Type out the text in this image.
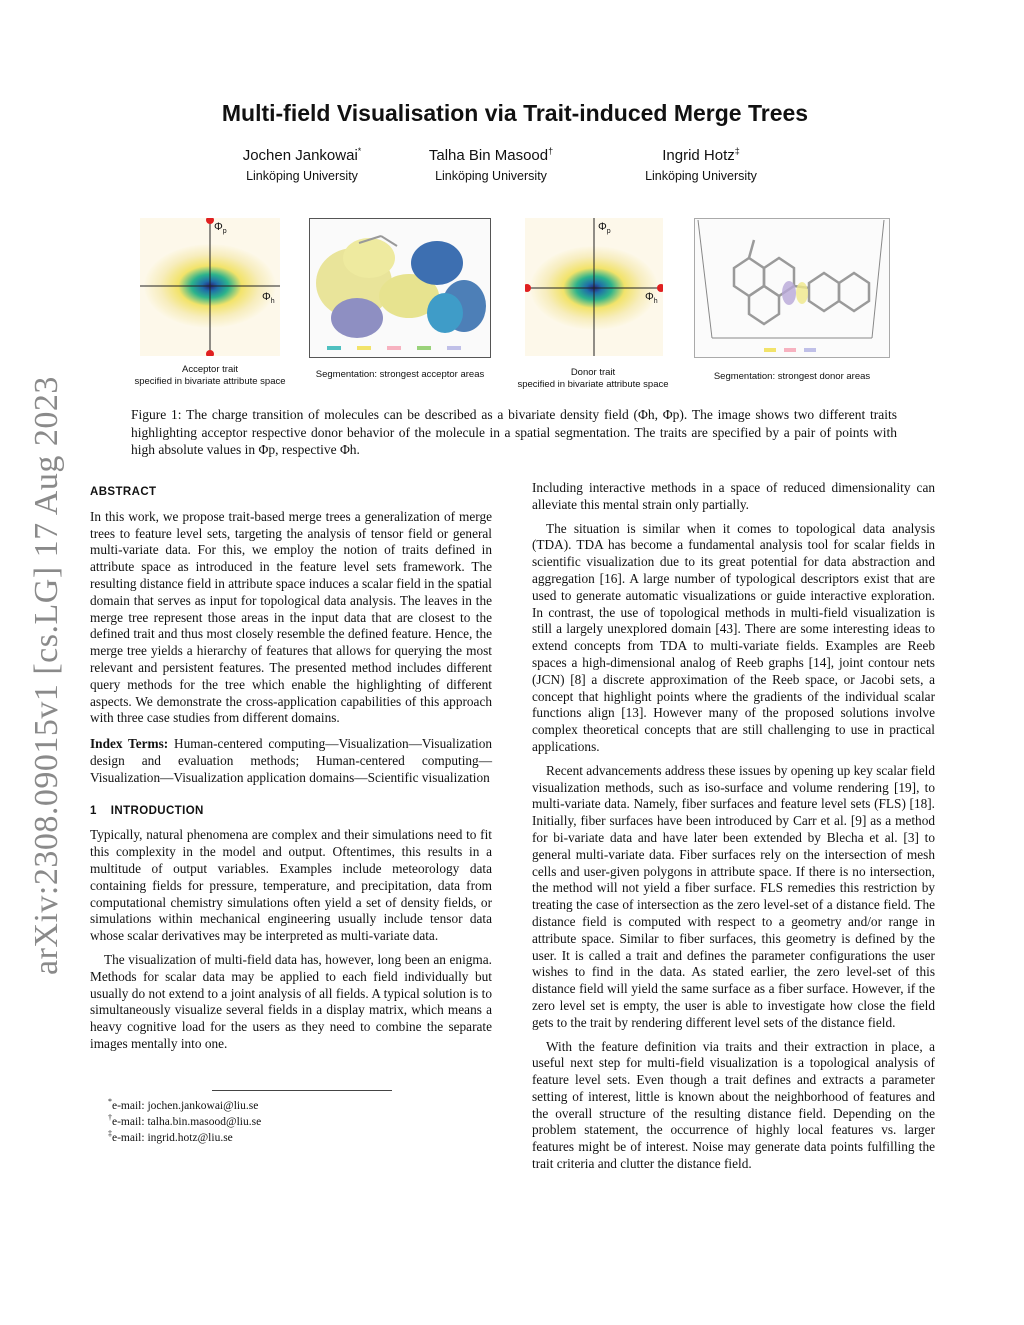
arXiv:2308.09015v1 [cs.LG] 17 Aug 2023
Multi-field Visualisation via Trait-induced Merge Trees
Jochen Jankowai*
Linköping University
Talha Bin Masood†
Linköping University
Ingrid Hotz‡
Linköping University
$\Phi_p$
$\Phi_h$
Acceptor trait
specified in bivariate attribute space
Segmentation: strongest acceptor areas
$\Phi_p$
$\Phi_h$
Donor trait
specified in bivariate attribute space
Segmentation: strongest donor areas
Figure 1: The charge transition of molecules can be described as a bivariate density field (Φh, Φp). The image shows two different traits highlighting acceptor respective donor behavior of the molecule in a spatial segmentation. The traits are specified by a pair of points with high absolute values in Φp, respective Φh.
ABSTRACT

In this work, we propose trait-based merge trees a generalization of merge trees to feature level sets, targeting the analysis of tensor field or general multi-variate data. For this, we employ the notion of traits defined in attribute space as introduced in the feature level sets framework. The resulting distance field in attribute space induces a scalar field in the spatial domain that serves as input for topological data analysis. The leaves in the merge tree represent those areas in the input data that are closest to the defined trait and thus most closely resemble the defined feature. Hence, the merge tree yields a hierarchy of features that allows for querying the most relevant and persistent features. The presented method includes different query methods for the tree which enable the highlighting of different aspects. We demonstrate the cross-application capabilities of this approach with three case studies from different domains.

Index Terms: Human-centered computing—Visualization—Visualization design and evaluation methods; Human-centered computing—Visualization—Visualization application domains—Scientific visualization

1 INTRODUCTION

Typically, natural phenomena are complex and their simulations need to fit this complexity in the model and output. Oftentimes, this results in a multitude of output variables. Examples include meteorology data containing fields for pressure, temperature, and precipitation, data from computational chemistry simulations often yield a set of density fields, or simulations within mechanical engineering usually include tensor data whose scalar derivatives may be interpreted as multi-variate data.

The visualization of multi-field data has, however, long been an enigma. Methods for scalar data may be applied to each field individually but usually do not extend to a joint analysis of all fields. A typical solution is to simultaneously visualize several fields in a display matrix, which means a heavy cognitive load for the users as they need to combine the separate images mentally into one.

*e-mail: jochen.jankowai@liu.se
†e-mail: talha.bin.masood@liu.se
‡e-mail: ingrid.hotz@liu.se

Including interactive methods in a space of reduced dimensionality can alleviate this mental strain only partially.

The situation is similar when it comes to topological data analysis (TDA). TDA has become a fundamental analysis tool for scalar fields in scientific visualization due to its great potential for data abstraction and aggregation [16]. A large number of typological descriptors exist that are used to generate automatic visualizations or guide interactive exploration. In contrast, the use of topological methods in multi-field visualization is still a largely unexplored domain [43]. There are some interesting ideas to extend concepts from TDA to multi-variate fields. Examples are Reeb spaces a high-dimensional analog of Reeb graphs [14], joint contour nets (JCN) [8] a discrete approximation of the Reeb space, or Jacobi sets, a concept that highlight points where the gradients of the individual scalar functions align [13]. However many of the proposed solutions involve complex theoretical concepts that are still challenging to use in practical applications.

Recent advancements address these issues by opening up key scalar field visualization methods, such as iso-surface and volume rendering [19], to multi-variate data. Namely, fiber surfaces and feature level sets (FLS) [18]. Initially, fiber surfaces have been introduced by Carr et al. [9] as a method for bi-variate data and have later been extended by Blecha et al. [3] to general multi-variate data. Fiber surfaces rely on the intersection of mesh cells and user-given polygons in attribute space. If there is no intersection, the method will not yield a fiber surface. FLS remedies this restriction by treating the case of intersection as the zero level-set of a distance field. The distance field is computed with respect to a geometry and/or range in attribute space. Similar to fiber surfaces, this geometry is defined by the user. It is called a trait and defines the parameter configurations the user wishes to find in the data. As stated earlier, the zero level-set of this distance field will yield the same surface as a fiber surface. However, if the zero level set is empty, the user is able to investigate how close the field gets to the trait by rendering different level sets of the distance field.

With the feature definition via traits and their extraction in place, a useful next step for multi-field visualization is a topological analysis of feature level sets. Even though a trait defines and extracts a parameter setting of interest, little is known about the neighborhood of features and the overall structure of the resulting distance field. Depending on the problem statement, the occurrence of highly local features vs. larger features might be of interest. Noise may generate data points fulfilling the trait criteria and clutter the distance field.
